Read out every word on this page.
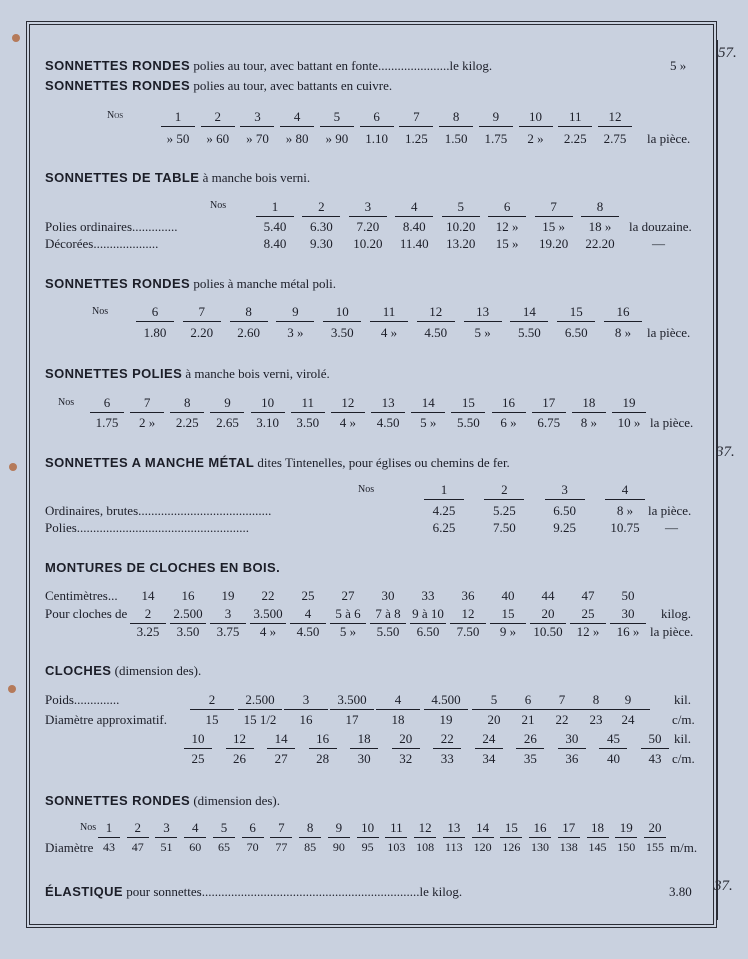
57.
37.
37.
SONNETTES RONDES polies au tour, avec battant en fonte......................le kilog.	5 »
SONNETTES RONDES polies au tour, avec battants en cuivre.
Nos	1	2	3	4	5	6	7	8	9	10	11	12
» 50	» 60	» 70	» 80	» 90	1.10	1.25	1.50	1.75	2 »	2.25	2.75	la pièce.
SONNETTES DE TABLE à manche bois verni.
Nos	1	2	3	4	5	6	7	8
Polies ordinaires..............	5.40	6.30	7.20	8.40	10.20	12 »	15 »	18 »	la douzaine.
Décorées....................	8.40	9.30	10.20	11.40	13.20	15 »	19.20	22.20	—
SONNETTES RONDES polies à manche métal poli.
Nos	6	7	8	9	10	11	12	13	14	15	16
1.80	2.20	2.60	3 »	3.50	4 »	4.50	5 »	5.50	6.50	8 »	la pièce.
SONNETTES POLIES à manche bois verni, virolé.
Nos	6	7	8	9	10	11	12	13	14	15	16	17	18	19
1.75	2 »	2.25	2.65	3.10	3.50	4 »	4.50	5 »	5.50	6 »	6.75	8 »	10 » la pièce.
SONNETTES A MANCHE MÉTAL dites Tintenelles, pour églises ou chemins de fer.
Nos	1	2	3	4
Ordinaires, brutes.........................................	4.25	5.25	6.50	8 »	la pièce.
Polies.....................................................	6.25	7.50	9.25	10.75	—
MONTURES DE CLOCHES EN BOIS.
Centimètres...	14	16	19	22	25	27	30	33	36	40	44	47	50
Pour cloches de	2	2.500	3	3.500	4	5 à 6	7 à 8 9 à 10	12	15	20	25	30	kilog.
3.25	3.50	3.75	4 »	4.50	5 »	5.50	6.50	7.50	9 »	10.50	12 »	16 » la pièce.
CLOCHES (dimension des).
Poids..............	2	2.500	3	3.500	4	4.500	5	6	7	8	9	kil.
Diamètre approximatif.	15	15 1/2	16	17	18	19	20	21	22	23	24	c/m.
10	12	14	16	18	20	22	24	26	30	45	50 kil.
25	26	27	28	30	32	33	34	35	36	40	43 c/m.
SONNETTES RONDES (dimension des).
Nos 1	2	3	4	5	6	7	8	9	10	11	12	13	14	15	16	17	18	19	20
Diamètre 43	47	51	60	65	70	77	85	90	95	103 108 113 120 126 130 138 145 150 155 m/m.
ÉLASTIQUE pour sonnettes...................................................................le kilog.	3.80
